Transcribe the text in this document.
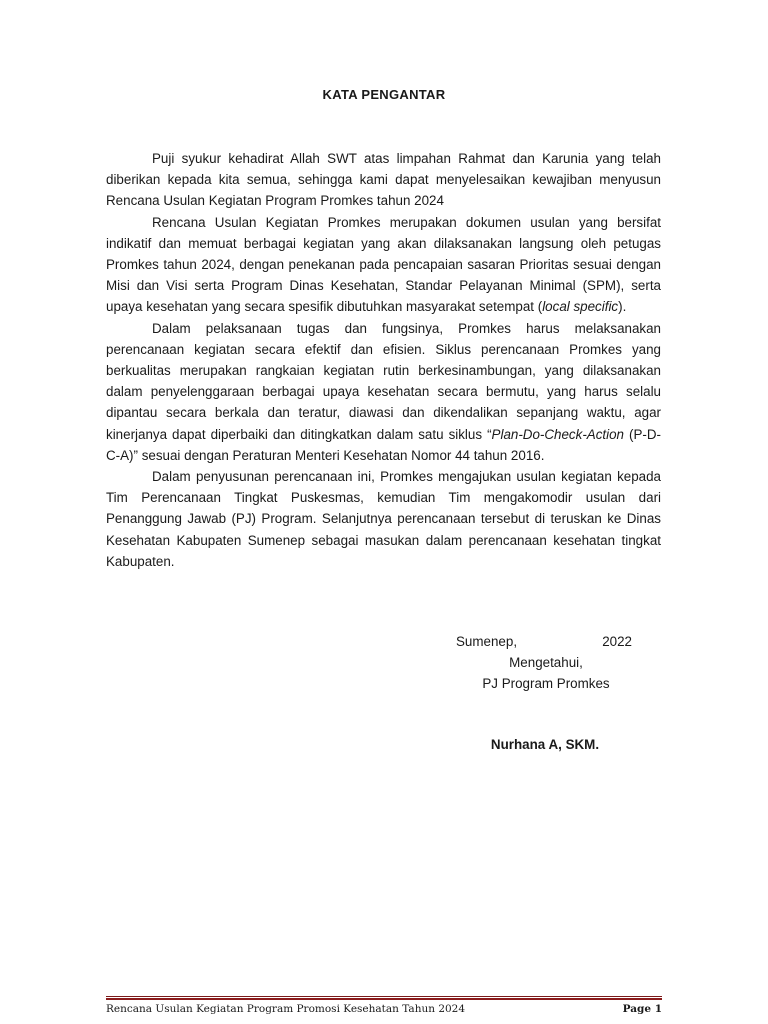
KATA PENGANTAR

Puji syukur kehadirat Allah SWT atas limpahan Rahmat dan Karunia yang telah diberikan kepada kita semua, sehingga kami dapat menyelesaikan kewajiban menyusun Rencana Usulan Kegiatan Program Promkes tahun 2024

Rencana Usulan Kegiatan Promkes merupakan dokumen usulan yang bersifat indikatif dan memuat berbagai kegiatan yang akan dilaksanakan langsung oleh petugas Promkes tahun 2024, dengan penekanan pada pencapaian sasaran Prioritas sesuai dengan Misi dan Visi serta Program Dinas Kesehatan, Standar Pelayanan Minimal (SPM), serta upaya kesehatan yang secara spesifik dibutuhkan masyarakat setempat (local specific).

Dalam pelaksanaan tugas dan fungsinya, Promkes harus melaksanakan perencanaan kegiatan secara efektif dan efisien. Siklus perencanaan Promkes yang berkualitas merupakan rangkaian kegiatan rutin berkesinambungan, yang dilaksanakan dalam penyelenggaraan berbagai upaya kesehatan secara bermutu, yang harus selalu dipantau secara berkala dan teratur, diawasi dan dikendalikan sepanjang waktu, agar kinerjanya dapat diperbaiki dan ditingkatkan dalam satu siklus “Plan-Do-Check-Action (P-D-C-A)” sesuai dengan Peraturan Menteri Kesehatan Nomor 44 tahun 2016.

Dalam penyusunan perencanaan ini, Promkes mengajukan usulan kegiatan kepada Tim Perencanaan Tingkat Puskesmas, kemudian Tim mengakomodir usulan dari Penanggung Jawab (PJ) Program. Selanjutnya perencanaan tersebut di teruskan ke Dinas Kesehatan Kabupaten Sumenep sebagai masukan dalam perencanaan kesehatan tingkat Kabupaten.

Sumenep,	2022
Mengetahui,
PJ Program Promkes
Nurhana A, SKM.
Rencana Usulan Kegiatan Program Promosi Kesehatan Tahun 2024	Page 1
